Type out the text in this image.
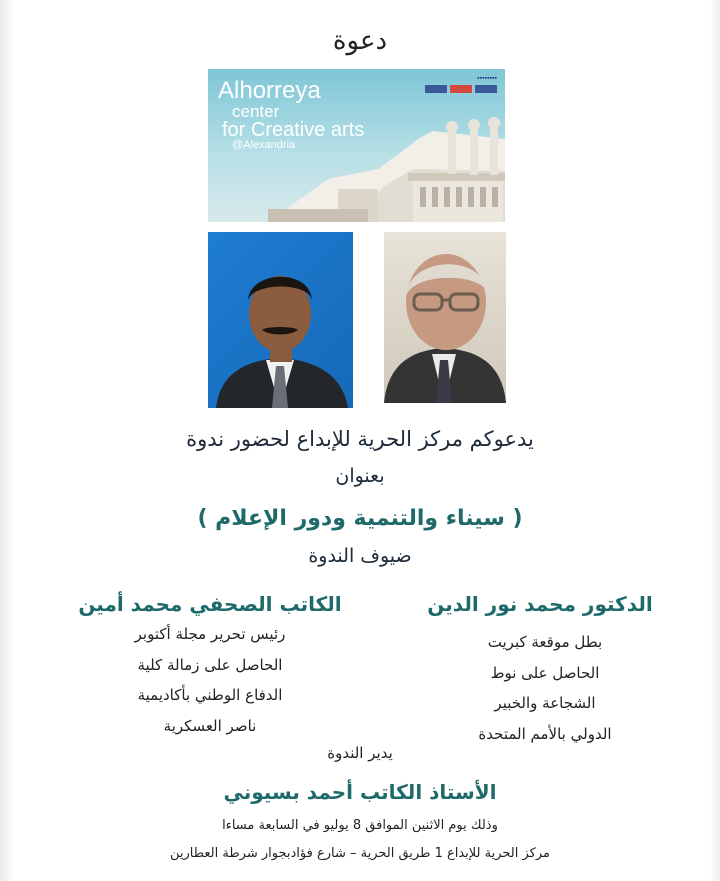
دعوة
▪▪▪▪▪▪▪▪
Alhorreya
center
for Creative arts
@Alexandria
يدعوكم مركز الحرية للإبداع لحضور ندوة
بعنوان
( سيناء والتنمية ودور الإعلام )
ضيوف الندوة
الدكتور محمد نور الدين
بطل موقعة كبريت
الحاصل على نوط
الشجاعة والخبير
الدولي بالأمم المتحدة
الكاتب الصحفي محمد أمين
رئيس تحرير مجلة أكتوبر
الحاصل على زمالة كلية
الدفاع الوطني بأكاديمية
ناصر العسكرية
يدير الندوة
الأستاذ الكاتب أحمد بسيوني
وذلك يوم الاثنين الموافق 8 يوليو في السابعة مساءا
مركز الحرية للإبداع 1 طريق الحرية – شارع فؤادبجوار شرطة العطارين
